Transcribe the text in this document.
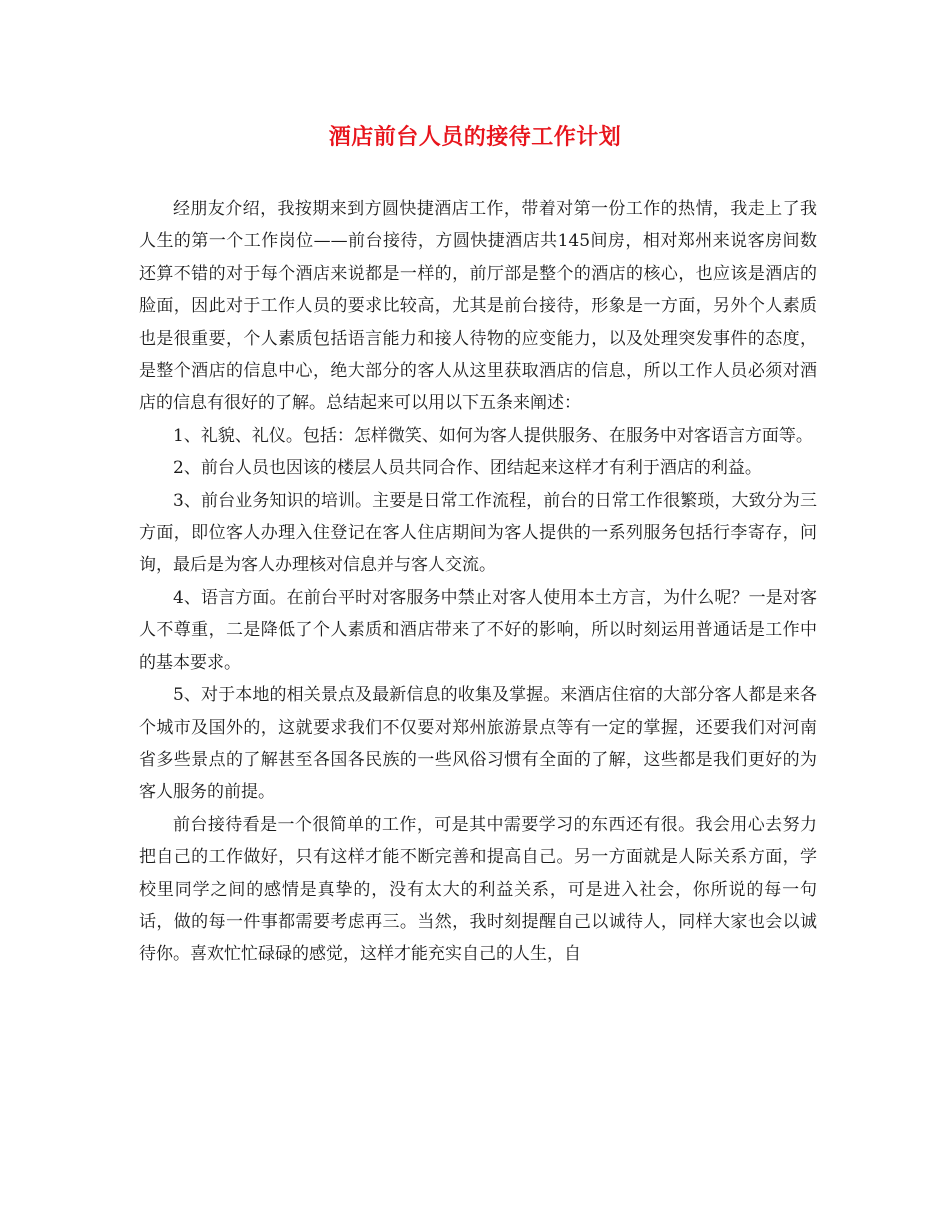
酒店前台人员的接待工作计划

经朋友介绍，我按期来到方圆快捷酒店工作，带着对第一份工作的热情，我走上了我人生的第一个工作岗位——前台接待，方圆快捷酒店共145间房，相对郑州来说客房间数还算不错的对于每个酒店来说都是一样的，前厅部是整个的酒店的核心，也应该是酒店的脸面，因此对于工作人员的要求比较高，尤其是前台接待，形象是一方面，另外个人素质也是很重要，个人素质包括语言能力和接人待物的应变能力，以及处理突发事件的态度，是整个酒店的信息中心，绝大部分的客人从这里获取酒店的信息，所以工作人员必须对酒店的信息有很好的了解。总结起来可以用以下五条来阐述：

1、礼貌、礼仪。包括：怎样微笑、如何为客人提供服务、在服务中对客语言方面等。

2、前台人员也因该的楼层人员共同合作、团结起来这样才有利于酒店的利益。

3、前台业务知识的培训。主要是日常工作流程，前台的日常工作很繁琐，大致分为三方面，即位客人办理入住登记在客人住店期间为客人提供的一系列服务包括行李寄存，问询，最后是为客人办理核对信息并与客人交流。

4、语言方面。在前台平时对客服务中禁止对客人使用本土方言，为什么呢？一是对客人不尊重，二是降低了个人素质和酒店带来了不好的影响，所以时刻运用普通话是工作中的基本要求。

5、对于本地的相关景点及最新信息的收集及掌握。来酒店住宿的大部分客人都是来各个城市及国外的，这就要求我们不仅要对郑州旅游景点等有一定的掌握，还要我们对河南省多些景点的了解甚至各国各民族的一些风俗习惯有全面的了解，这些都是我们更好的为客人服务的前提。

前台接待看是一个很简单的工作，可是其中需要学习的东西还有很。我会用心去努力把自己的工作做好，只有这样才能不断完善和提高自己。另一方面就是人际关系方面，学校里同学之间的感情是真挚的，没有太大的利益关系，可是进入社会，你所说的每一句话，做的每一件事都需要考虑再三。当然，我时刻提醒自己以诚待人，同样大家也会以诚待你。喜欢忙忙碌碌的感觉，这样才能充实自己的人生，自
